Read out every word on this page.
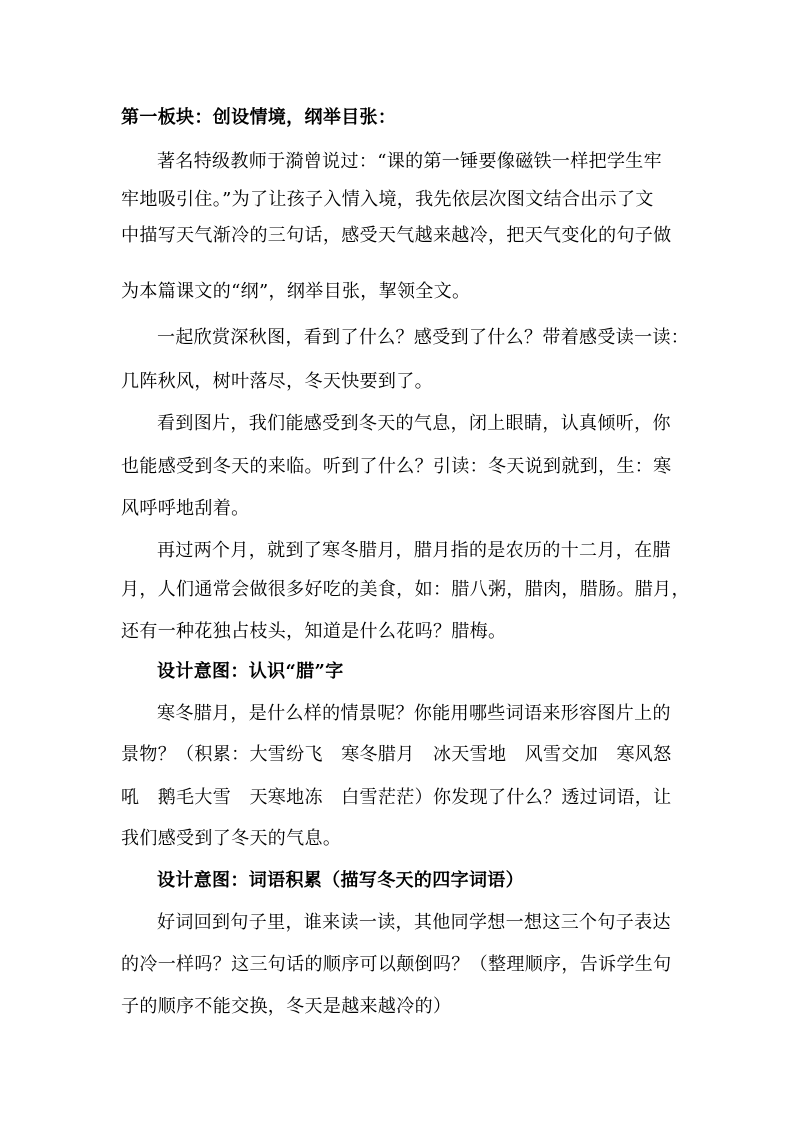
第一板块：创设情境，纲举目张：
著名特级教师于漪曾说过：“课的第一锤要像磁铁一样把学生牢
牢地吸引住。”为了让孩子入情入境，我先依层次图文结合出示了文
中描写天气渐冷的三句话，感受天气越来越冷，把天气变化的句子做
为本篇课文的“纲”，纲举目张，挈领全文。
一起欣赏深秋图，看到了什么？感受到了什么？带着感受读一读：
几阵秋风，树叶落尽，冬天快要到了。
看到图片，我们能感受到冬天的气息，闭上眼睛，认真倾听，你
也能感受到冬天的来临。听到了什么？引读：冬天说到就到，生：寒
风呼呼地刮着。
再过两个月，就到了寒冬腊月，腊月指的是农历的十二月，在腊
月，人们通常会做很多好吃的美食，如：腊八粥，腊肉，腊肠。腊月，
还有一种花独占枝头，知道是什么花吗？腊梅。
设计意图：认识“腊”字
寒冬腊月，是什么样的情景呢？你能用哪些词语来形容图片上的
景物？（积累：大雪纷飞　寒冬腊月　冰天雪地　风雪交加　寒风怒
吼　鹅毛大雪　天寒地冻　白雪茫茫）你发现了什么？透过词语，让
我们感受到了冬天的气息。
设计意图：词语积累（描写冬天的四字词语）
好词回到句子里，谁来读一读，其他同学想一想这三个句子表达
的冷一样吗？这三句话的顺序可以颠倒吗？（整理顺序，告诉学生句
子的顺序不能交换，冬天是越来越冷的）
